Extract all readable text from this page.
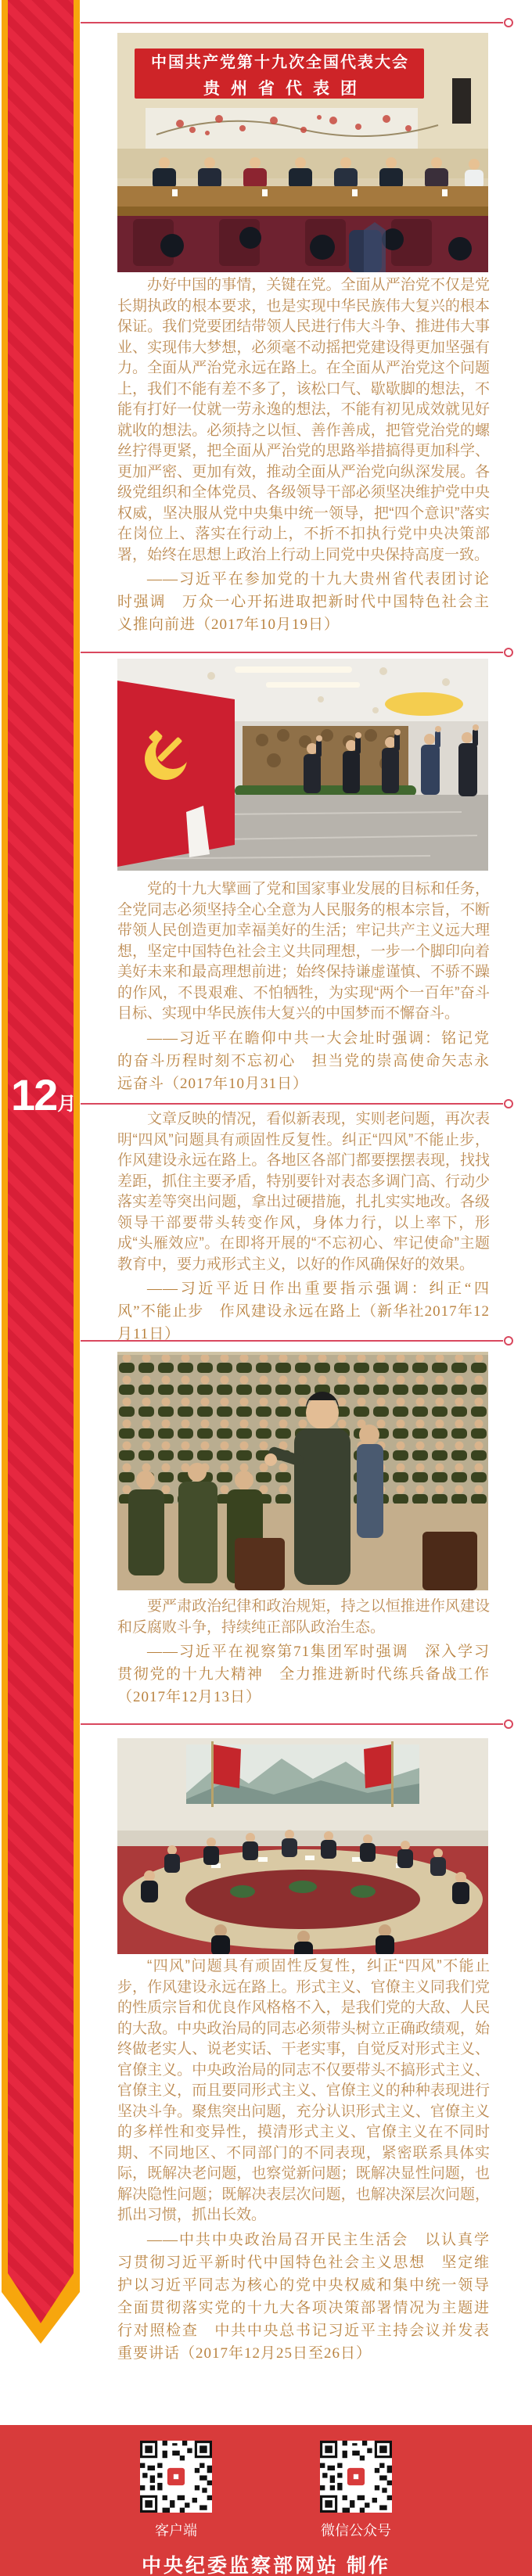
12月
中国共产党第十九次全国代表大会
贵州省代表团

办好中国的事情，关键在党。全面从严治党不仅是党长期执政的根本要求，也是实现中华民族伟大复兴的根本保证。我们党要团结带领人民进行伟大斗争、推进伟大事业、实现伟大梦想，必须毫不动摇把党建设得更加坚强有力。全面从严治党永远在路上。在全面从严治党这个问题上，我们不能有差不多了，该松口气、歇歇脚的想法，不能有打好一仗就一劳永逸的想法，不能有初见成效就见好就收的想法。必须持之以恒、善作善成，把管党治党的螺丝拧得更紧，把全面从严治党的思路举措搞得更加科学、更加严密、更加有效，推动全面从严治党向纵深发展。各级党组织和全体党员、各级领导干部必须坚决维护党中央权威，坚决服从党中央集中统一领导，把“四个意识”落实在岗位上、落实在行动上，不折不扣执行党中央决策部署，始终在思想上政治上行动上同党中央保持高度一致。

——习近平在参加党的十九大贵州省代表团讨论时强调　万众一心开拓进取把新时代中国特色社会主义推向前进（2017年10月19日）

党的十九大擘画了党和国家事业发展的目标和任务，全党同志必须坚持全心全意为人民服务的根本宗旨，不断带领人民创造更加幸福美好的生活；牢记共产主义远大理想，坚定中国特色社会主义共同理想，一步一个脚印向着美好未来和最高理想前进；始终保持谦虚谨慎、不骄不躁的作风，不畏艰难、不怕牺牲，为实现“两个一百年”奋斗目标、实现中华民族伟大复兴的中国梦而不懈奋斗。

——习近平在瞻仰中共一大会址时强调：铭记党的奋斗历程时刻不忘初心　担当党的崇高使命矢志永远奋斗（2017年10月31日）

文章反映的情况，看似新表现，实则老问题，再次表明“四风”问题具有顽固性反复性。纠正“四风”不能止步，作风建设永远在路上。各地区各部门都要摆摆表现，找找差距，抓住主要矛盾，特别要针对表态多调门高、行动少落实差等突出问题，拿出过硬措施，扎扎实实地改。各级领导干部要带头转变作风，身体力行，以上率下，形成“头雁效应”。在即将开展的“不忘初心、牢记使命”主题教育中，要力戒形式主义，以好的作风确保好的效果。

——习近平近日作出重要指示强调：纠正“四风”不能止步　作风建设永远在路上（新华社2017年12月11日）

要严肃政治纪律和政治规矩，持之以恒推进作风建设和反腐败斗争，持续纯正部队政治生态。

——习近平在视察第71集团军时强调　深入学习贯彻党的十九大精神　全力推进新时代练兵备战工作（2017年12月13日）

“四风”问题具有顽固性反复性，纠正“四风”不能止步，作风建设永远在路上。形式主义、官僚主义同我们党的性质宗旨和优良作风格格不入，是我们党的大敌、人民的大敌。中央政治局的同志必须带头树立正确政绩观，始终做老实人、说老实话、干老实事，自觉反对形式主义、官僚主义。中央政治局的同志不仅要带头不搞形式主义、官僚主义，而且要同形式主义、官僚主义的种种表现进行坚决斗争。聚焦突出问题，充分认识形式主义、官僚主义的多样性和变异性，摸清形式主义、官僚主义在不同时期、不同地区、不同部门的不同表现，紧密联系具体实际，既解决老问题，也察觉新问题；既解决显性问题，也解决隐性问题；既解决表层次问题，也解决深层次问题，抓出习惯，抓出长效。

——中共中央政治局召开民主生活会　以认真学习贯彻习近平新时代中国特色社会主义思想　坚定维护以习近平同志为核心的党中央权威和集中统一领导　全面贯彻落实党的十九大各项决策部署情况为主题进行对照检查　中共中央总书记习近平主持会议并发表重要讲话（2017年12月25日至26日）

客户端	微信公众号
中央纪委监察部网站 制作
